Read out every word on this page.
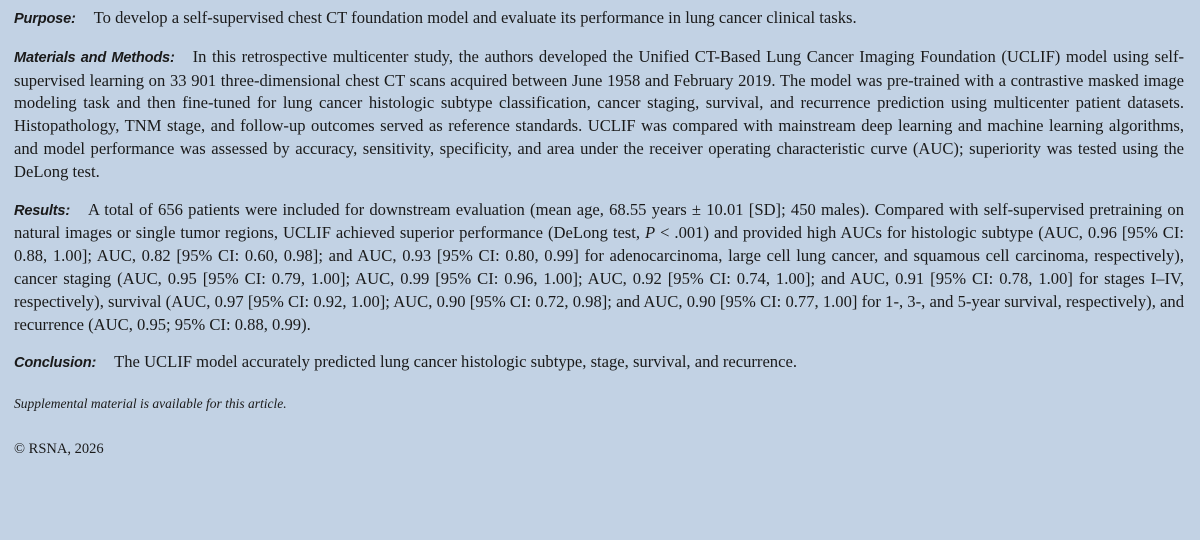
Purpose: To develop a self-supervised chest CT foundation model and evaluate its performance in lung cancer clinical tasks.

Materials and Methods: In this retrospective multicenter study, the authors developed the Unified CT-Based Lung Cancer Imaging Foundation (UCLIF) model using self-supervised learning on 33 901 three-dimensional chest CT scans acquired between June 1958 and February 2019. The model was pre-trained with a contrastive masked image modeling task and then fine-tuned for lung cancer histologic subtype classification, cancer staging, survival, and recurrence prediction using multicenter patient datasets. Histopathology, TNM stage, and follow-up outcomes served as reference standards. UCLIF was compared with mainstream deep learning and machine learning algorithms, and model performance was assessed by accuracy, sensitivity, specificity, and area under the receiver operating characteristic curve (AUC); superiority was tested using the DeLong test.

Results: A total of 656 patients were included for downstream evaluation (mean age, 68.55 years ± 10.01 [SD]; 450 males). Compared with self-supervised pretraining on natural images or single tumor regions, UCLIF achieved superior performance (DeLong test, P < .001) and provided high AUCs for histologic subtype (AUC, 0.96 [95% CI: 0.88, 1.00]; AUC, 0.82 [95% CI: 0.60, 0.98]; and AUC, 0.93 [95% CI: 0.80, 0.99] for adenocarcinoma, large cell lung cancer, and squamous cell carcinoma, respectively), cancer staging (AUC, 0.95 [95% CI: 0.79, 1.00]; AUC, 0.99 [95% CI: 0.96, 1.00]; AUC, 0.92 [95% CI: 0.74, 1.00]; and AUC, 0.91 [95% CI: 0.78, 1.00] for stages I–IV, respectively), survival (AUC, 0.97 [95% CI: 0.92, 1.00]; AUC, 0.90 [95% CI: 0.72, 0.98]; and AUC, 0.90 [95% CI: 0.77, 1.00] for 1-, 3-, and 5-year survival, respectively), and recurrence (AUC, 0.95; 95% CI: 0.88, 0.99).

Conclusion: The UCLIF model accurately predicted lung cancer histologic subtype, stage, survival, and recurrence.

Supplemental material is available for this article.

© RSNA, 2026
